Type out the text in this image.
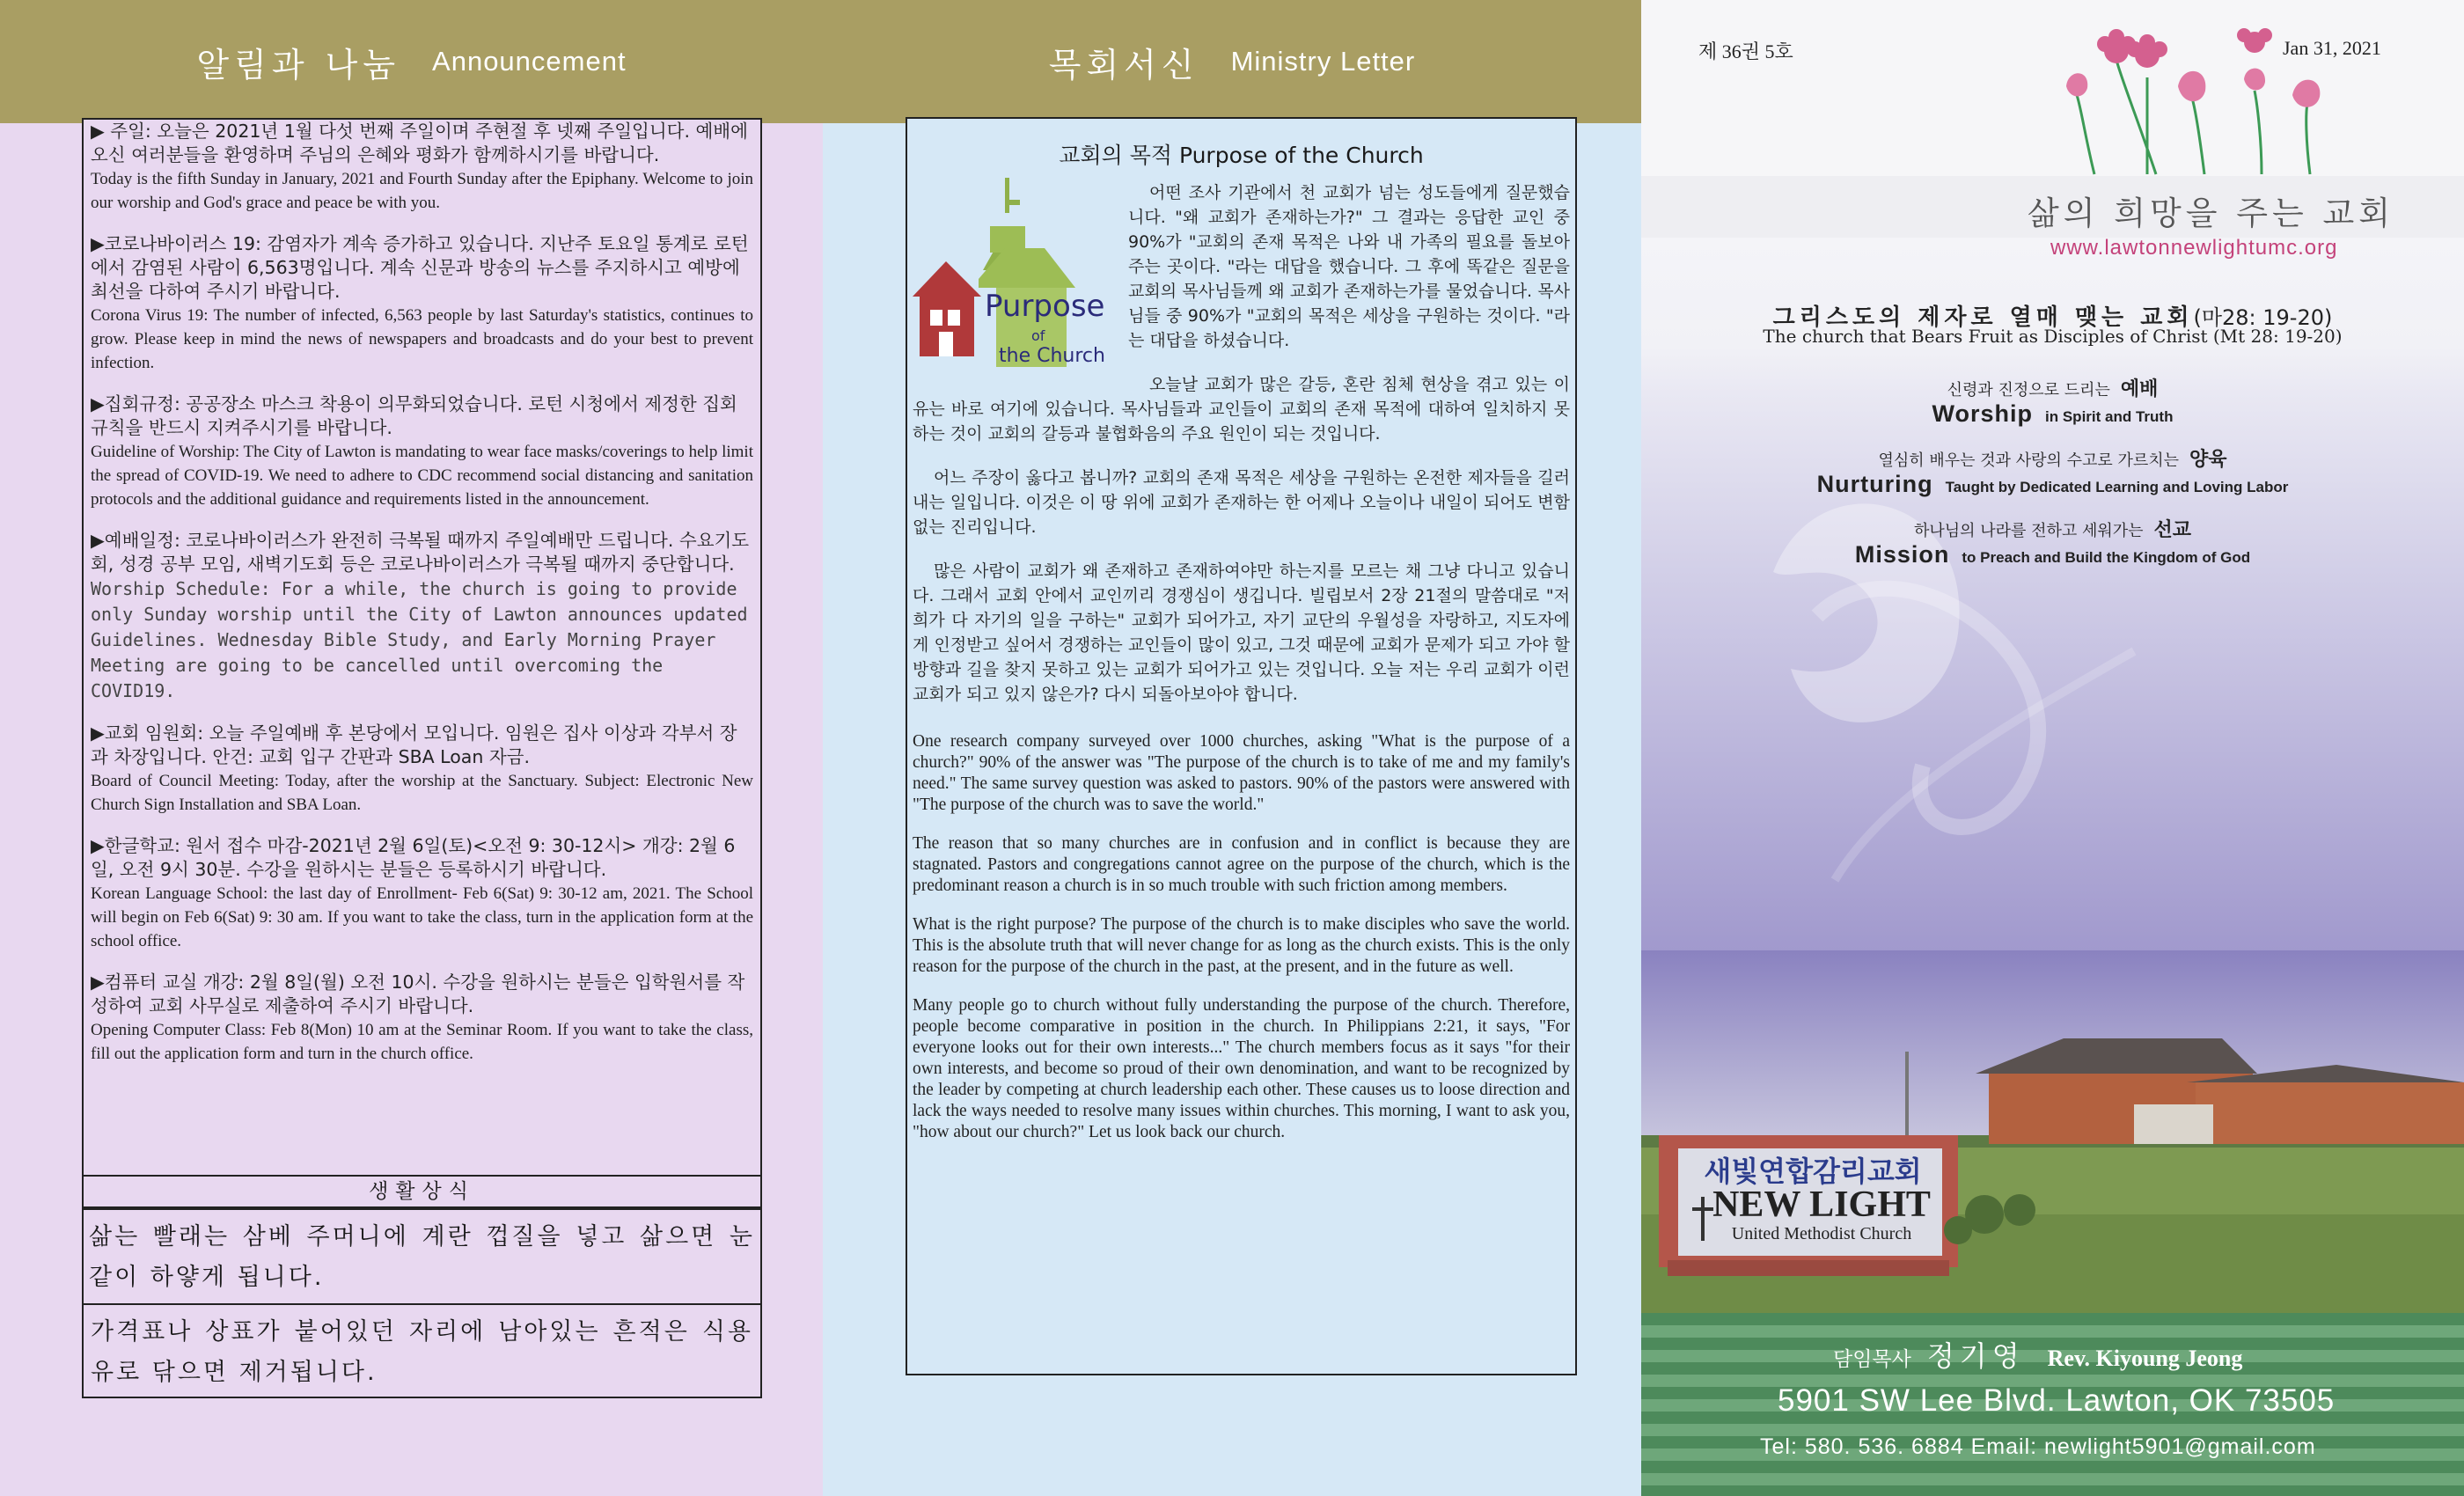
알림과 나눔 Announcement
▶ 주일: 오늘은 2021년 1월 다섯 번째 주일이며 주현절 후 넷째 주일입니다. 예배에 오신 여러분들을 환영하며 주님의 은혜와 평화가 함께하시기를 바랍니다.
Today is the fifth Sunday in January, 2021 and Fourth Sunday after the Epiphany. Welcome to join our worship and God's grace and peace be with you.
▶코로나바이러스 19: 감염자가 계속 증가하고 있습니다. 지난주 토요일 통계로 로턴에서 감염된 사람이 6,563명입니다. 계속 신문과 방송의 뉴스를 주지하시고 예방에 최선을 다하여 주시기 바랍니다.
Corona Virus 19: The number of infected, 6,563 people by last Saturday's statistics, continues to grow. Please keep in mind the news of newspapers and broadcasts and do your best to prevent infection.
▶집회규정: 공공장소 마스크 착용이 의무화되었습니다. 로턴 시청에서 제정한 집회 규칙을 반드시 지켜주시기를 바랍니다.
Guideline of Worship: The City of Lawton is mandating to wear face masks/coverings to help limit the spread of COVID-19. We need to adhere to CDC recommend social distancing and sanitation protocols and the additional guidance and requirements listed in the announcement.
▶예배일정: 코로나바이러스가 완전히 극복될 때까지 주일예배만 드립니다. 수요기도회, 성경 공부 모임, 새벽기도회 등은 코로나바이러스가 극복될 때까지 중단합니다.
Worship Schedule: For a while, the church is going to provide only Sunday worship until the City of Lawton announces updated Guidelines. Wednesday Bible Study, and Early Morning Prayer Meeting are going to be cancelled until overcoming the COVID19.
▶교회 임원회: 오늘 주일예배 후 본당에서 모입니다. 임원은 집사 이상과 각부서 장과 차장입니다. 안건: 교회 입구 간판과 SBA Loan 자금.
Board of Council Meeting: Today, after the worship at the Sanctuary. Subject: Electronic New Church Sign Installation and SBA Loan.
▶한글학교: 원서 접수 마감-2021년 2월 6일(토)<오전 9: 30-12시> 개강: 2월 6일, 오전 9시 30분. 수강을 원하시는 분들은 등록하시기 바랍니다.
Korean Language School: the last day of Enrollment- Feb 6(Sat) 9: 30-12 am, 2021. The School will begin on Feb 6(Sat) 9: 30 am. If you want to take the class, turn in the application form at the school office.
▶컴퓨터 교실 개강: 2월 8일(월) 오전 10시. 수강을 원하시는 분들은 입학원서를 작성하여 교회 사무실로 제출하여 주시기 바랍니다.
Opening Computer Class: Feb 8(Mon) 10 am at the Seminar Room. If you want to take the class, fill out the application form and turn in the church office.
생활상식
삶는 빨래는 삼베 주머니에 계란 껍질을 넣고 삶으면 눈같이 하얗게 됩니다.
가격표나 상표가 붙어있던 자리에 남아있는 흔적은 식용유로 닦으면 제거됩니다.
목회서신 Ministry Letter
교회의 목적 Purpose of the Church
Purpose
of
the Church
어떤 조사 기관에서 천 교회가 넘는 성도들에게 질문했습니다. "왜 교회가 존재하는가?" 그 결과는 응답한 교인 중 90%가 "교회의 존재 목적은 나와 내 가족의 필요를 돌보아주는 곳이다. "라는 대답을 했습니다. 그 후에 똑같은 질문을 교회의 목사님들께 왜 교회가 존재하는가를 물었습니다. 목사님들 중 90%가 "교회의 목적은 세상을 구원하는 것이다. "라는 대답을 하셨습니다.
오늘날 교회가 많은 갈등, 혼란 침체 현상을 겪고 있는 이유는 바로 여기에 있습니다. 목사님들과 교인들이 교회의 존재 목적에 대하여 일치하지 못하는 것이 교회의 갈등과 불협화음의 주요 원인이 되는 것입니다.
어느 주장이 옳다고 봅니까? 교회의 존재 목적은 세상을 구원하는 온전한 제자들을 길러내는 일입니다. 이것은 이 땅 위에 교회가 존재하는 한 어제나 오늘이나 내일이 되어도 변함없는 진리입니다.
많은 사람이 교회가 왜 존재하고 존재하여야만 하는지를 모르는 채 그냥 다니고 있습니다. 그래서 교회 안에서 교인끼리 경쟁심이 생깁니다. 빌립보서 2장 21절의 말씀대로 "저희가 다 자기의 일을 구하는" 교회가 되어가고, 자기 교단의 우월성을 자랑하고, 지도자에게 인정받고 싶어서 경쟁하는 교인들이 많이 있고, 그것 때문에 교회가 문제가 되고 가야 할 방향과 길을 찾지 못하고 있는 교회가 되어가고 있는 것입니다. 오늘 저는 우리 교회가 이런 교회가 되고 있지 않은가? 다시 되돌아보아야 합니다.
One research company surveyed over 1000 churches, asking "What is the purpose of a church?" 90% of the answer was "The purpose of the church is to take of me and my family's need." The same survey question was asked to pastors. 90% of the pastors were answered with "The purpose of the church was to save the world."
The reason that so many churches are in confusion and in conflict is because they are stagnated. Pastors and congregations cannot agree on the purpose of the church, which is the predominant reason a church is in so much trouble with such friction among members.
What is the right purpose? The purpose of the church is to make disciples who save the world. This is the absolute truth that will never change for as long as the church exists. This is the only reason for the purpose of the church in the past, at the present, and in the future as well.
Many people go to church without fully understanding the purpose of the church. Therefore, people become comparative in position in the church. In Philippians 2:21, it says, "For everyone looks out for their own interests..." The church members focus as it says "for their own interests, and become so proud of their own denomination, and want to be recognized by the leader by competing at church leadership each other. These causes us to loose direction and lack the ways needed to resolve many issues within churches. This morning, I want to ask you, "how about our church?" Let us look back our church.
제 36권 5호	Jan 31, 2021
삶의 희망을 주는 교회
www.lawtonnewlightumc.org
그리스도의 제자로 열매 맺는 교회(마28: 19-20)
The church that Bears Fruit as Disciples of Christ (Mt 28: 19-20)
신령과 진정으로 드리는 예배
Worship in Spirit and Truth
열심히 배우는 것과 사랑의 수고로 가르치는 양육
Nurturing Taught by Dedicated Learning and Loving Labor
하나님의 나라를 전하고 세워가는 선교
Mission to Preach and Build the Kingdom of God
새빛연합감리교회
NEW LIGHT
United Methodist Church
담임목사 정기영 Rev. Kiyoung Jeong
5901 SW Lee Blvd. Lawton, OK 73505
Tel: 580. 536. 6884 Email: newlight5901@gmail.com
